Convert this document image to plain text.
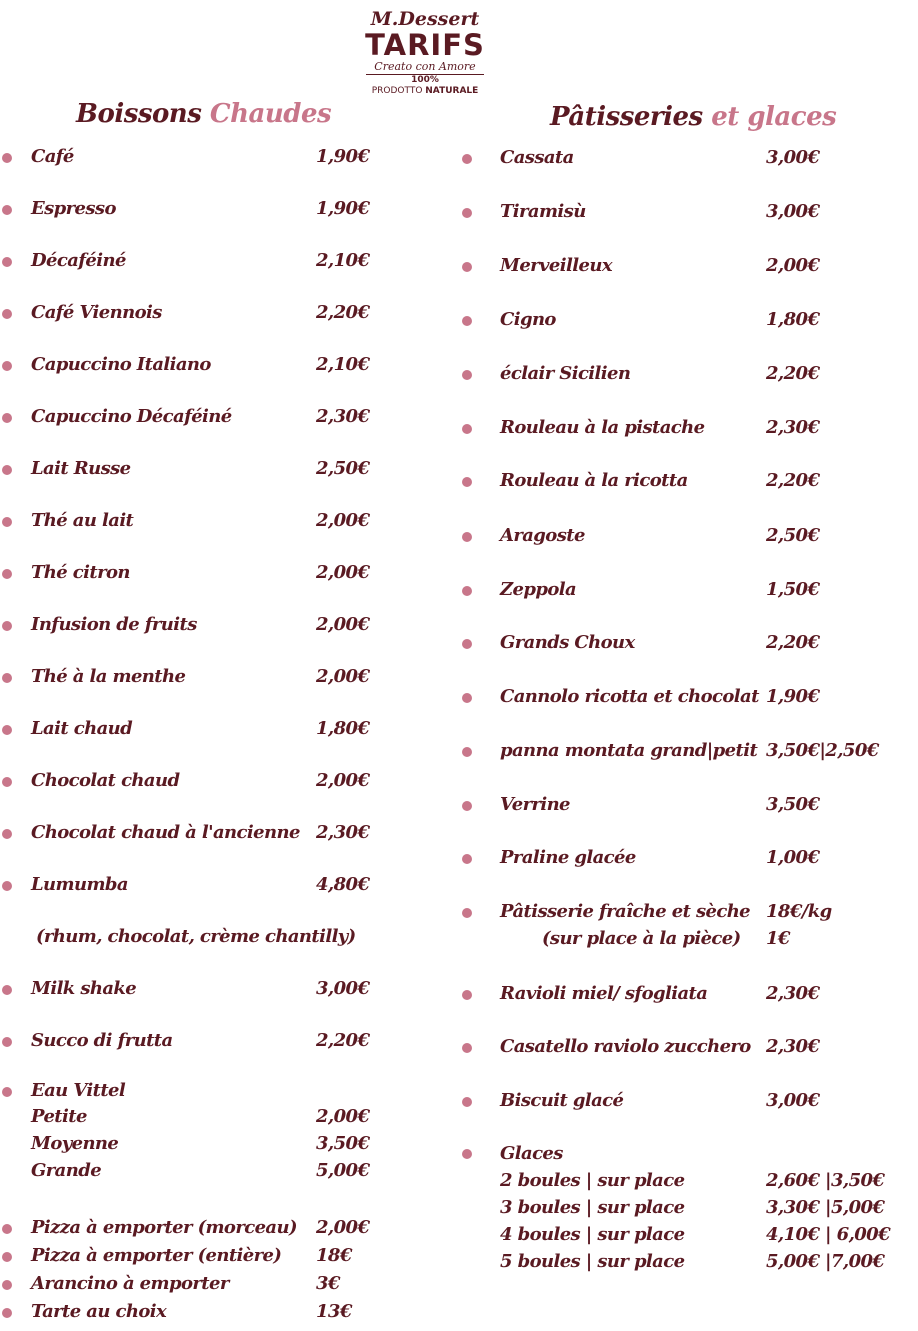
M.Dessert
TARIFS
Creato con Amore
100%
PRODOTTO NATURALE
Boissons Chaudes	Pâtisseries et glaces
Café	1,90€
Espresso	1,90€
Décaféiné	2,10€
Café Viennois	2,20€
Capuccino Italiano	2,10€
Capuccino Décaféiné	2,30€
Lait Russe	2,50€
Thé au lait	2,00€
Thé citron	2,00€
Infusion de fruits	2,00€
Thé à la menthe	2,00€
Lait chaud	1,80€
Chocolat chaud	2,00€
Chocolat chaud à l'ancienne 2,30€
Lumumba	4,80€
(rhum, chocolat, crème chantilly)
Milk shake	3,00€
Succo di frutta	2,20€
Eau Vittel
Petite	2,00€
Moyenne	3,50€
Grande	5,00€
Pizza à emporter (morceau) 2,00€
Pizza à emporter (entière) 18€
Arancino à emporter	3€
Tarte au choix	13€
Cassata	3,00€
Tiramisù	3,00€
Merveilleux	2,00€
Cigno	1,80€
éclair Sicilien	2,20€
Rouleau à la pistache	2,30€
Rouleau à la ricotta	2,20€
Aragoste	2,50€
Zeppola	1,50€
Grands Choux	2,20€
Cannolo ricotta et chocolat 1,90€
panna montata grand|petit 3,50€|2,50€
Verrine	3,50€
Praline glacée	1,00€
Pâtisserie fraîche et sèche 18€/kg
(sur place à la pièce) 1€
Ravioli miel/ sfogliata	2,30€
Casatello raviolo zucchero 2,30€
Biscuit glacé	3,00€
Glaces
2 boules | sur place	2,60€ |3,50€
3 boules | sur place	3,30€ |5,00€
4 boules | sur place	4,10€ | 6,00€
5 boules | sur place	5,00€ |7,00€
